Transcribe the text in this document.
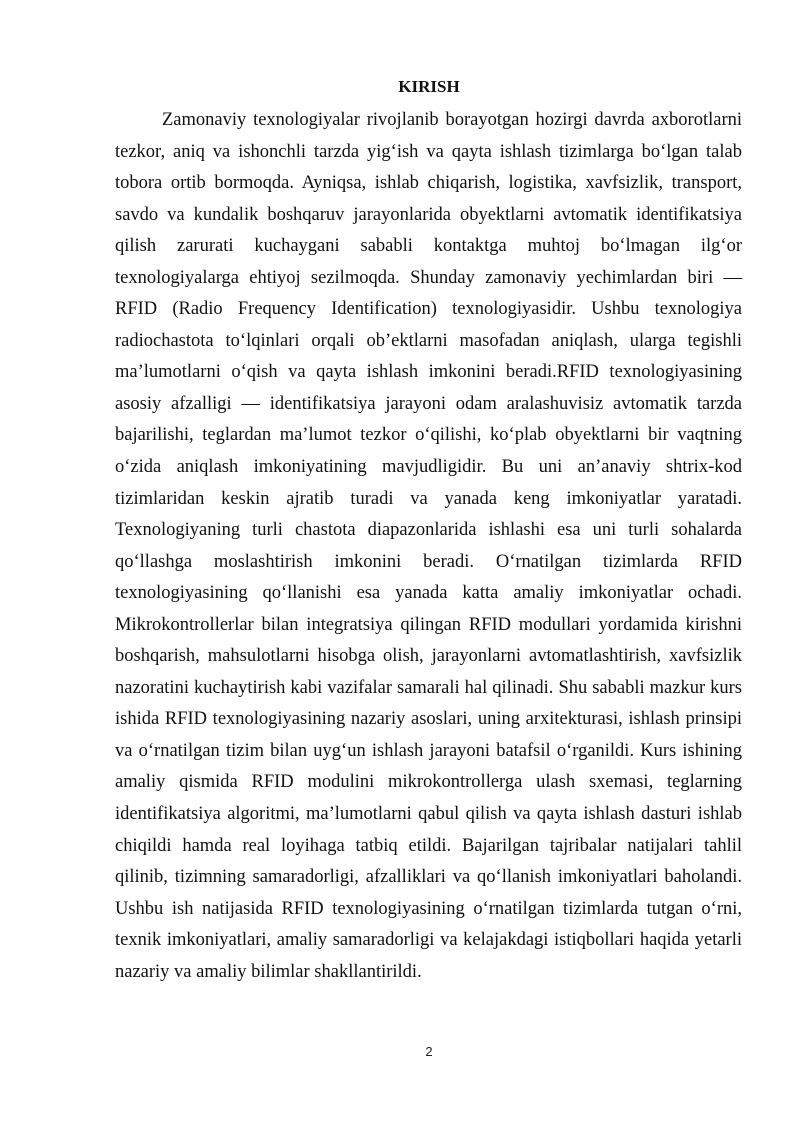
KIRISH

Zamonaviy texnologiyalar rivojlanib borayotgan hozirgi davrda axborotlarni tezkor, aniq va ishonchli tarzda yig‘ish va qayta ishlash tizimlarga bo‘lgan talab tobora ortib bormoqda. Ayniqsa, ishlab chiqarish, logistika, xavfsizlik, transport, savdo va kundalik boshqaruv jarayonlarida obyektlarni avtomatik identifikatsiya qilish zarurati kuchaygani sababli kontaktga muhtoj bo‘lmagan ilg‘or texnologiyalarga ehtiyoj sezilmoqda. Shunday zamonaviy yechimlardan biri — RFID (Radio Frequency Identification) texnologiyasidir. Ushbu texnologiya radiochastota to‘lqinlari orqali ob’ektlarni masofadan aniqlash, ularga tegishli ma’lumotlarni o‘qish va qayta ishlash imkonini beradi.RFID texnologiyasining asosiy afzalligi — identifikatsiya jarayoni odam aralashuvisiz avtomatik tarzda bajarilishi, teglardan ma’lumot tezkor o‘qilishi, ko‘plab obyektlarni bir vaqtning o‘zida aniqlash imkoniyatining mavjudligidir. Bu uni an’anaviy shtrix-kod tizimlaridan keskin ajratib turadi va yanada keng imkoniyatlar yaratadi. Texnologiyaning turli chastota diapazonlarida ishlashi esa uni turli sohalarda qo‘llashga moslashtirish imkonini beradi. O‘rnatilgan tizimlarda RFID texnologiyasining qo‘llanishi esa yanada katta amaliy imkoniyatlar ochadi. Mikrokontrollerlar bilan integratsiya qilingan RFID modullari yordamida kirishni boshqarish, mahsulotlarni hisobga olish, jarayonlarni avtomatlashtirish, xavfsizlik nazoratini kuchaytirish kabi vazifalar samarali hal qilinadi. Shu sababli mazkur kurs ishida RFID texnologiyasining nazariy asoslari, uning arxitekturasi, ishlash prinsipi va o‘rnatilgan tizim bilan uyg‘un ishlash jarayoni batafsil o‘rganildi. Kurs ishining amaliy qismida RFID modulini mikrokontrollerga ulash sxemasi, teglarning identifikatsiya algoritmi, ma’lumotlarni qabul qilish va qayta ishlash dasturi ishlab chiqildi hamda real loyihaga tatbiq etildi. Bajarilgan tajribalar natijalari tahlil qilinib, tizimning samaradorligi, afzalliklari va qo‘llanish imkoniyatlari baholandi. Ushbu ish natijasida RFID texnologiyasining o‘rnatilgan tizimlarda tutgan o‘rni, texnik imkoniyatlari, amaliy samaradorligi va kelajakdagi istiqbollari haqida yetarli nazariy va amaliy bilimlar shakllantirildi.

2
